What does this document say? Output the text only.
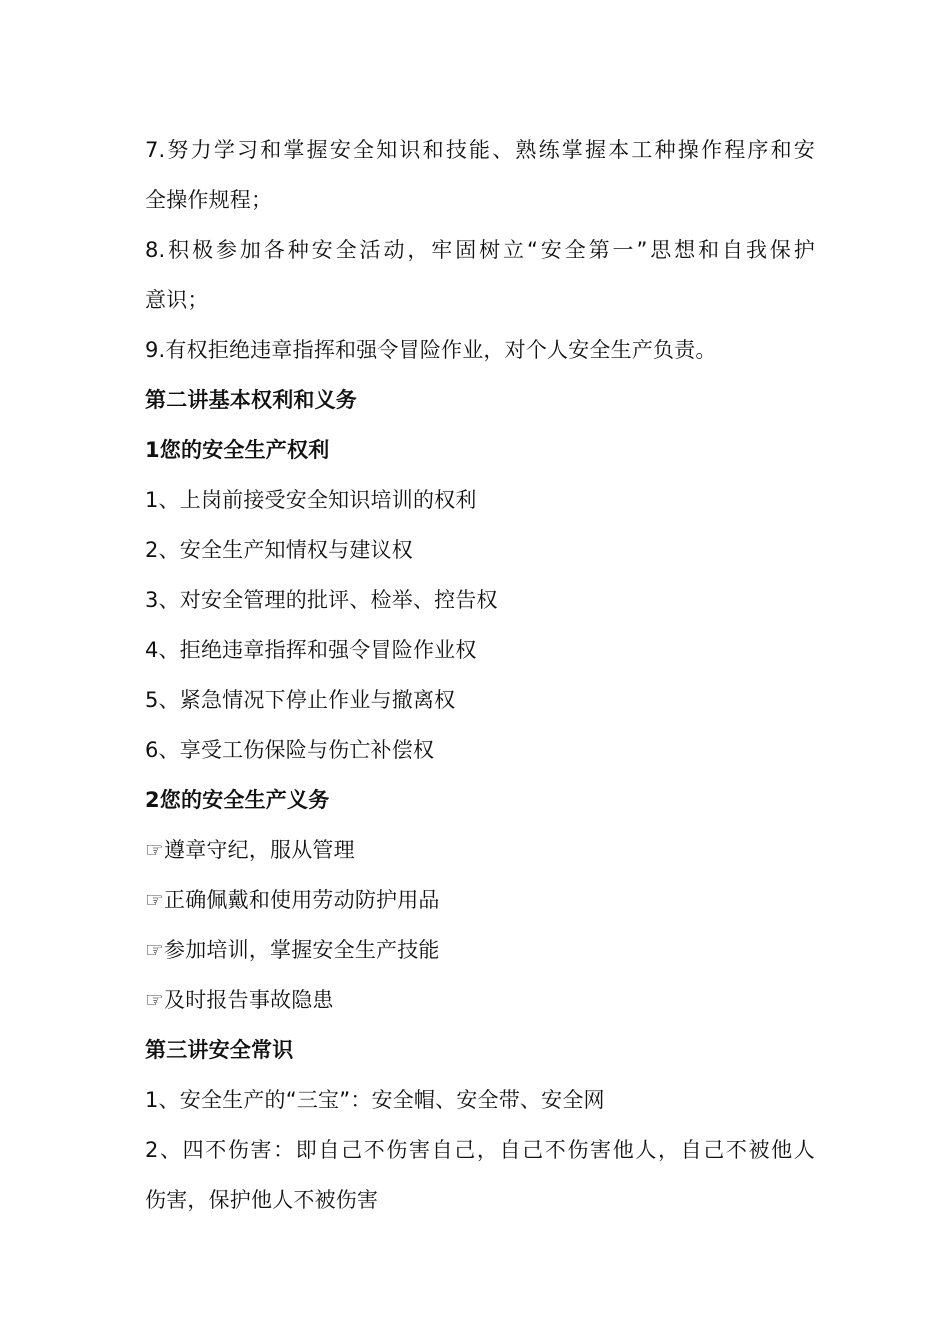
7.努力学习和掌握安全知识和技能、熟练掌握本工种操作程序和安
全操作规程；
8.积极参加各种安全活动，牢固树立“安全第一”思想和自我保护
意识；
9.有权拒绝违章指挥和强令冒险作业，对个人安全生产负责。
第二讲基本权利和义务
1您的安全生产权利
1、上岗前接受安全知识培训的权利
2、安全生产知情权与建议权
3、对安全管理的批评、检举、控告权
4、拒绝违章指挥和强令冒险作业权
5、紧急情况下停止作业与撤离权
6、享受工伤保险与伤亡补偿权
2您的安全生产义务
☞遵章守纪，服从管理
☞正确佩戴和使用劳动防护用品
☞参加培训，掌握安全生产技能
☞及时报告事故隐患
第三讲安全常识
1、安全生产的“三宝”：安全帽、安全带、安全网
2、四不伤害：即自己不伤害自己，自己不伤害他人，自己不被他人
伤害，保护他人不被伤害
